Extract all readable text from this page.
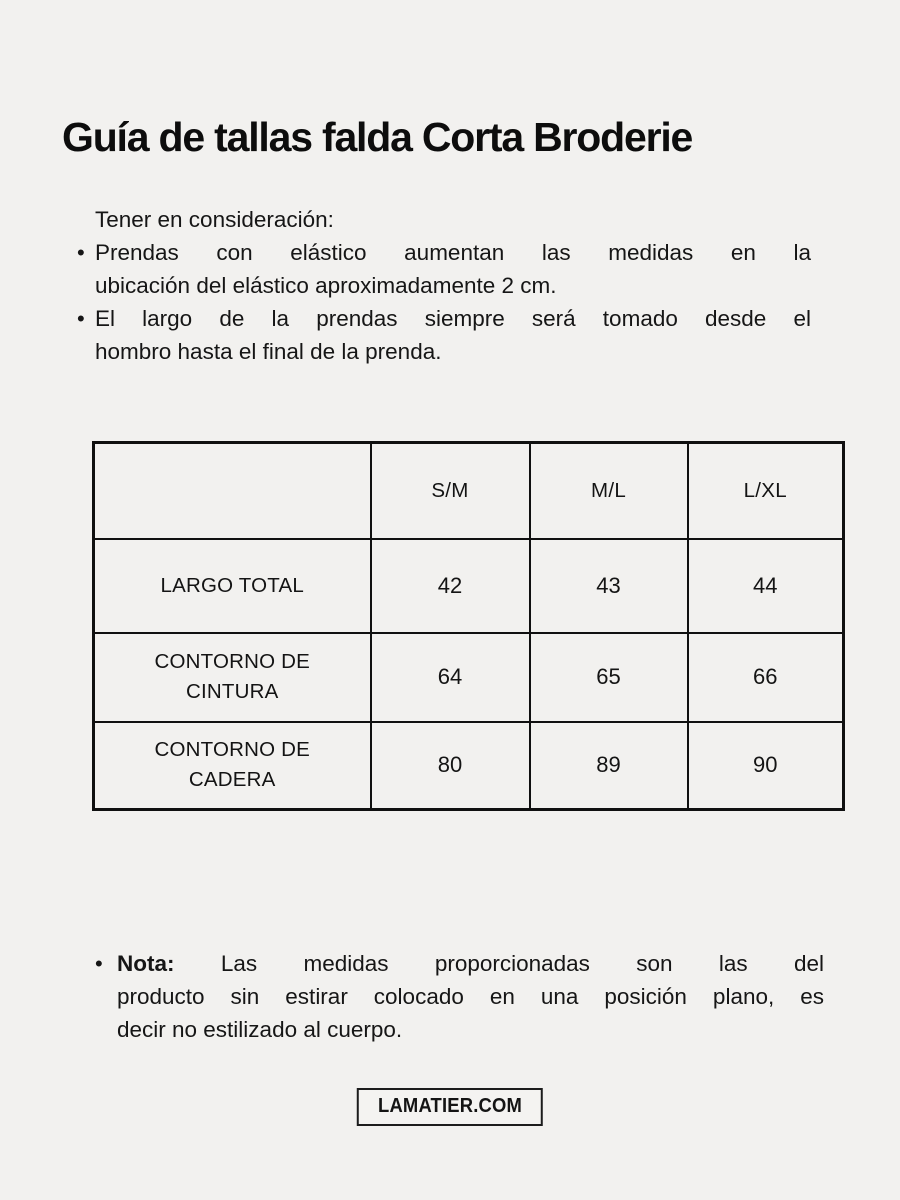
Guía de tallas falda Corta Broderie
Tener en consideración:
• Prendas con elástico aumentan las medidas en la
ubicación del elástico aproximadamente 2 cm.
• El largo de la prendas siempre será tomado desde el
hombro hasta el final de la prenda.
	S/M	M/L	L/XL
LARGO TOTAL	42	43	44
CONTORNO DE CINTURA	64	65	66
CONTORNO DE CADERA	80	89	90
• Nota: Las medidas proporcionadas son las del
producto sin estirar colocado en una posición plano, es
decir no estilizado al cuerpo.
LAMATIER.COM
